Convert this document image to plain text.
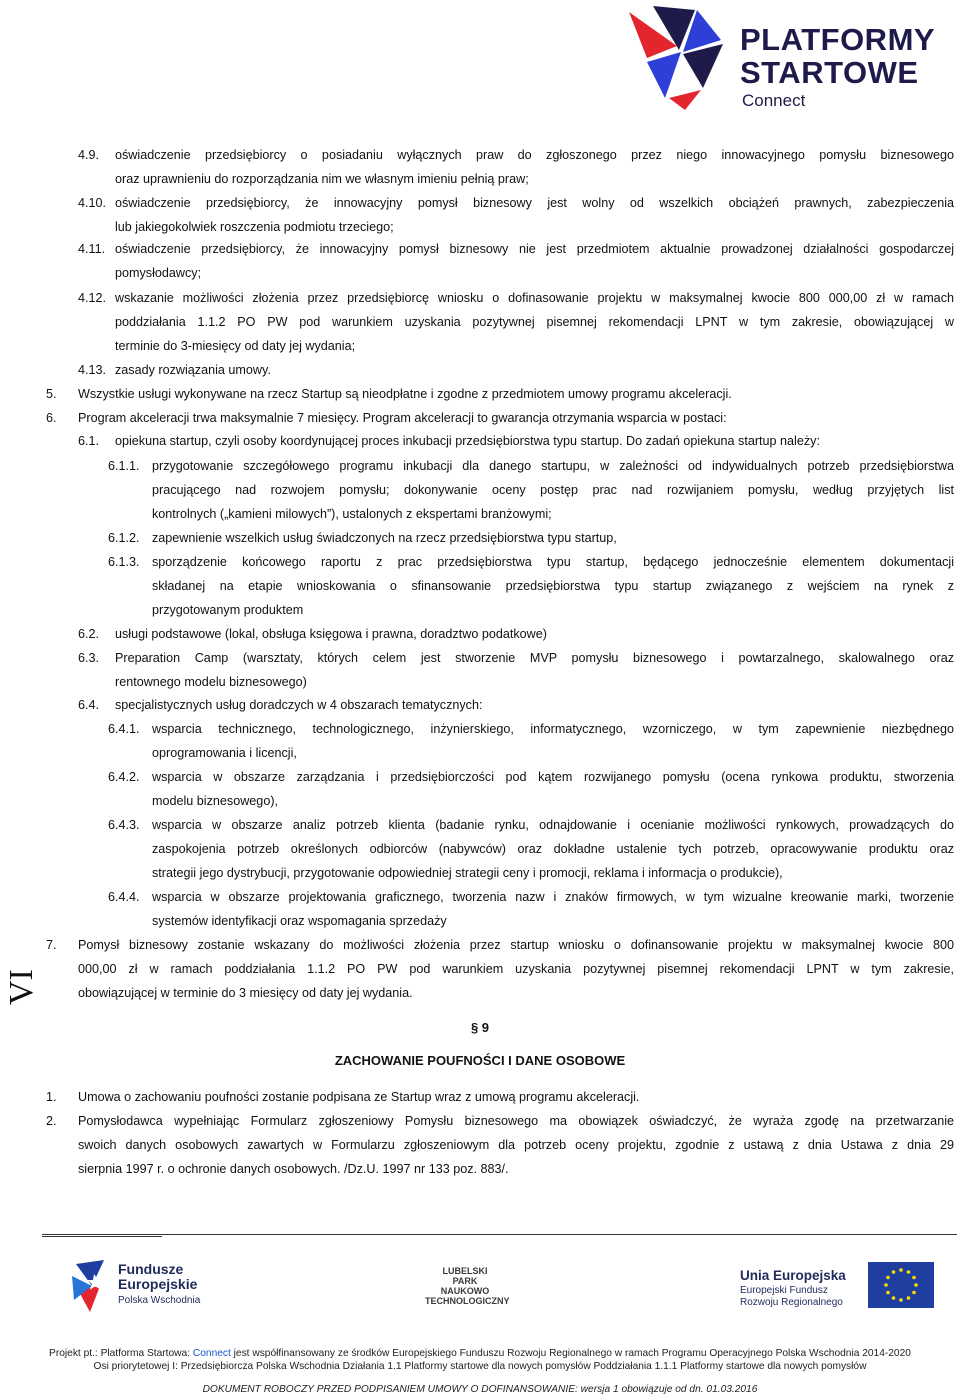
PLATFORMY
STARTOWE
Connect
VI
4.9. oświadczenie przedsiębiorcy o posiadaniu wyłącznych praw do zgłoszonego przez niego innowacyjnego pomysłu biznesowego
oraz uprawnieniu do rozporządzania nim we własnym imieniu pełnią praw;
4.10. oświadczenie przedsiębiorcy, że innowacyjny pomysł biznesowy jest wolny od wszelkich obciążeń prawnych, zabezpieczenia
lub jakiegokolwiek roszczenia podmiotu trzeciego;
4.11. oświadczenie przedsiębiorcy, że innowacyjny pomysł biznesowy nie jest przedmiotem aktualnie prowadzonej działalności gospodarczej
pomysłodawcy;
4.12. wskazanie możliwości złożenia przez przedsiębiorcę wniosku o dofinasowanie projektu w maksymalnej kwocie 800 000,00 zł w ramach
poddziałania 1.1.2 PO PW pod warunkiem uzyskania pozytywnej pisemnej rekomendacji LPNT w tym zakresie, obowiązującej w
terminie do 3-miesięcy od daty jej wydania;
4.13. zasady rozwiązania umowy.
5. Wszystkie usługi wykonywane na rzecz Startup są nieodpłatne i zgodne z przedmiotem umowy programu akceleracji.
6. Program akceleracji trwa maksymalnie 7 miesięcy. Program akceleracji to gwarancja otrzymania wsparcia w postaci:
6.1. opiekuna startup, czyli osoby koordynującej proces inkubacji przedsiębiorstwa typu startup. Do zadań opiekuna startup należy:
6.1.1. przygotowanie szczegółowego programu inkubacji dla danego startupu, w zależności od indywidualnych potrzeb przedsiębiorstwa
pracującego nad rozwojem pomysłu; dokonywanie oceny postęp prac nad rozwijaniem pomysłu, według przyjętych list
kontrolnych („kamieni milowych”), ustalonych z ekspertami branżowymi;
6.1.2. zapewnienie wszelkich usług świadczonych na rzecz przedsiębiorstwa typu startup,
6.1.3. sporządzenie końcowego raportu z prac przedsiębiorstwa typu startup, będącego jednocześnie elementem dokumentacji
składanej na etapie wnioskowania o sfinansowanie przedsiębiorstwa typu startup związanego z wejściem na rynek z
przygotowanym produktem
6.2. usługi podstawowe (lokal, obsługa księgowa i prawna, doradztwo podatkowe)
6.3. Preparation Camp (warsztaty, których celem jest stworzenie MVP pomysłu biznesowego i powtarzalnego, skalowalnego oraz
rentownego modelu biznesowego)
6.4. specjalistycznych usług doradczych w 4 obszarach tematycznych:
6.4.1. wsparcia technicznego, technologicznego, inżynierskiego, informatycznego, wzorniczego, w tym zapewnienie niezbędnego
oprogramowania i licencji,
6.4.2. wsparcia w obszarze zarządzania i przedsiębiorczości pod kątem rozwijanego pomysłu (ocena rynkowa produktu, stworzenia
modelu biznesowego),
6.4.3. wsparcia w obszarze analiz potrzeb klienta (badanie rynku, odnajdowanie i ocenianie możliwości rynkowych, prowadzących do
zaspokojenia potrzeb określonych odbiorców (nabywców) oraz dokładne ustalenie tych potrzeb, opracowywanie produktu oraz
strategii jego dystrybucji, przygotowanie odpowiedniej strategii ceny i promocji, reklama i informacja o produkcie),
6.4.4. wsparcia w obszarze projektowania graficznego, tworzenia nazw i znaków firmowych, w tym wizualne kreowanie marki, tworzenie
systemów identyfikacji oraz wspomagania sprzedaży
7. Pomysł biznesowy zostanie wskazany do możliwości złożenia przez startup wniosku o dofinansowanie projektu w maksymalnej kwocie 800
000,00 zł w ramach poddziałania 1.1.2 PO PW pod warunkiem uzyskania pozytywnej pisemnej rekomendacji LPNT w tym zakresie,
obowiązującej w terminie do 3 miesięcy od daty jej wydania.
1. Umowa o zachowaniu poufności zostanie podpisana ze Startup wraz z umową programu akceleracji.
2. Pomysłodawca wypełniając Formularz zgłoszeniowy Pomysłu biznesowego ma obowiązek oświadczyć, że wyraża zgodę na przetwarzanie
swoich danych osobowych zawartych w Formularzu zgłoszeniowym dla potrzeb oceny projektu, zgodnie z ustawą z dnia Ustawa z dnia 29
sierpnia 1997 r. o ochronie danych osobowych. /Dz.U. 1997 nr 133 poz. 883/.
§ 9
ZACHOWANIE POUFNOŚCI I DANE OSOBOWE
Fundusze
Europejskie
Polska Wschodnia
LUBELSKI
PARK
NAUKOWO
TECHNOLOGICZNY
Unia Europejska
Europejski Fundusz
Rozwoju Regionalnego
Projekt pt.: Platforma Startowa: Connect jest współfinansowany ze środków Europejskiego Funduszu Rozwoju Regionalnego w ramach Programu Operacyjnego Polska Wschodnia 2014-2020
Osi priorytetowej I: Przedsiębiorcza Polska Wschodnia Działania 1.1 Platformy startowe dla nowych pomysłów Poddziałania 1.1.1 Platformy startowe dla nowych pomysłów
DOKUMENT ROBOCZY PRZED PODPISANIEM UMOWY O DOFINANSOWANIE: wersja 1 obowiązuje od dn. 01.03.2016
